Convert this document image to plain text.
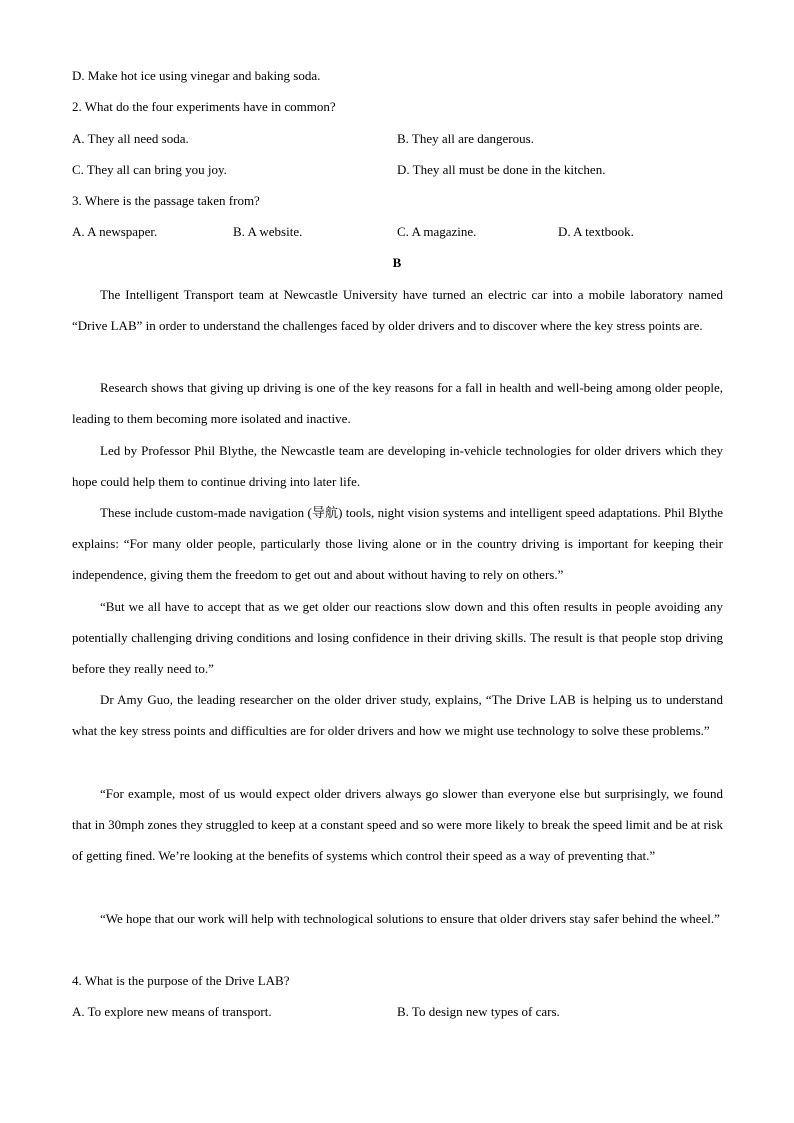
D. Make hot ice using vinegar and baking soda.
2. What do the four experiments have in common?
A. They all need soda.	B. They all are dangerous.
C. They all can bring you joy.	D. They all must be done in the kitchen.
3. Where is the passage taken from?
A. A newspaper.	B. A website.	C. A magazine.	D. A textbook.
B

The Intelligent Transport team at Newcastle University have turned an electric car into a mobile laboratory named “Drive LAB” in order to understand the challenges faced by older drivers and to discover where the key stress points are.

Research shows that giving up driving is one of the key reasons for a fall in health and well-being among older people, leading to them becoming more isolated and inactive.

Led by Professor Phil Blythe, the Newcastle team are developing in-vehicle technologies for older drivers which they hope could help them to continue driving into later life.

These include custom-made navigation (导航) tools, night vision systems and intelligent speed adaptations. Phil Blythe explains: “For many older people, particularly those living alone or in the country driving is important for keeping their independence, giving them the freedom to get out and about without having to rely on others.”

“But we all have to accept that as we get older our reactions slow down and this often results in people avoiding any potentially challenging driving conditions and losing confidence in their driving skills. The result is that people stop driving before they really need to.”

Dr Amy Guo, the leading researcher on the older driver study, explains, “The Drive LAB is helping us to understand what the key stress points and difficulties are for older drivers and how we might use technology to solve these problems.”

“For example, most of us would expect older drivers always go slower than everyone else but surprisingly, we found that in 30mph zones they struggled to keep at a constant speed and so were more likely to break the speed limit and be at risk of getting fined. We’re looking at the benefits of systems which control their speed as a way of preventing that.”

“We hope that our work will help with technological solutions to ensure that older drivers stay safer behind the wheel.”

4. What is the purpose of the Drive LAB?
A. To explore new means of transport.	B. To design new types of cars.
